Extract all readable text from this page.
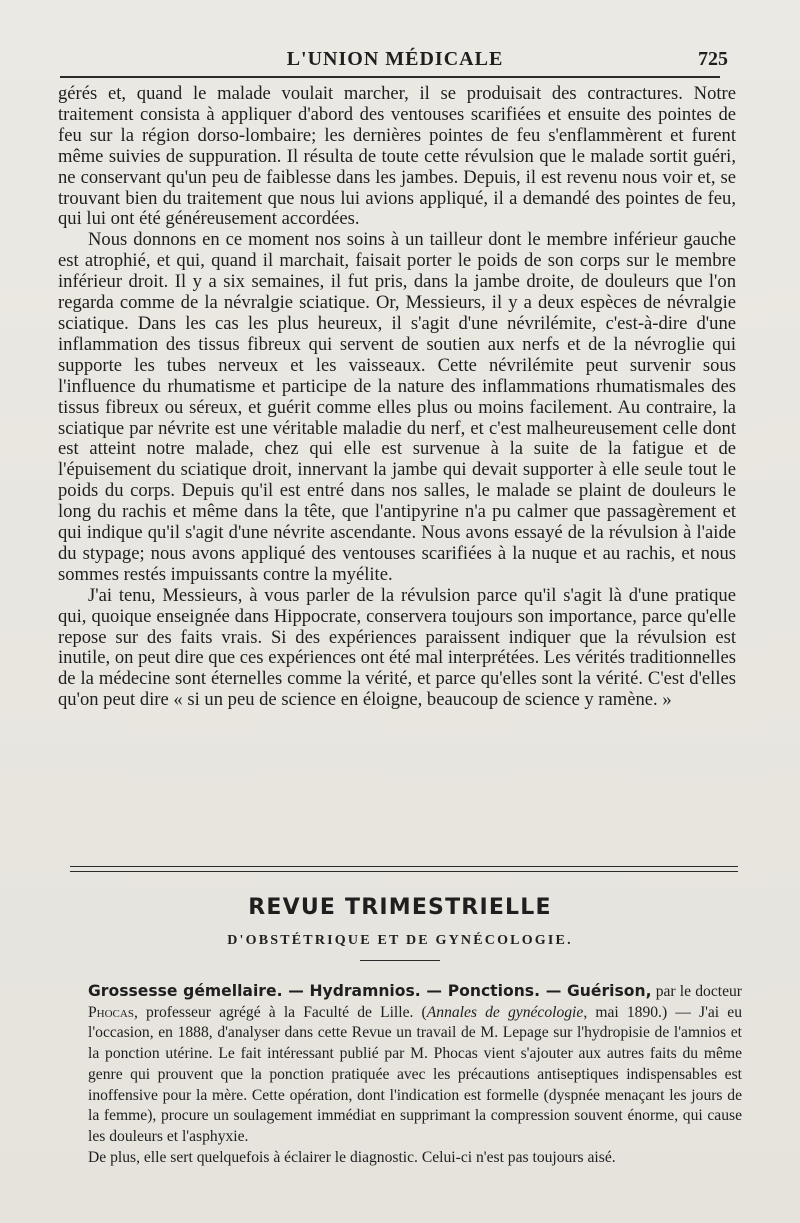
L'UNION MÉDICALE	725

gérés et, quand le malade voulait marcher, il se produisait des contractures. Notre traitement consista à appliquer d'abord des ventouses scarifiées et ensuite des pointes de feu sur la région dorso-lombaire; les dernières pointes de feu s'enflammèrent et furent même suivies de suppuration. Il résulta de toute cette révulsion que le malade sortit guéri, ne conservant qu'un peu de faiblesse dans les jambes. Depuis, il est revenu nous voir et, se trouvant bien du traitement que nous lui avions appliqué, il a demandé des pointes de feu, qui lui ont été généreusement accordées.

Nous donnons en ce moment nos soins à un tailleur dont le membre inférieur gauche est atrophié, et qui, quand il marchait, faisait porter le poids de son corps sur le membre inférieur droit. Il y a six semaines, il fut pris, dans la jambe droite, de douleurs que l'on regarda comme de la névralgie sciatique. Or, Messieurs, il y a deux espèces de névralgie sciatique. Dans les cas les plus heureux, il s'agit d'une névrilémite, c'est-à-dire d'une inflammation des tissus fibreux qui servent de soutien aux nerfs et de la névroglie qui supporte les tubes nerveux et les vaisseaux. Cette névrilémite peut survenir sous l'influence du rhumatisme et participe de la nature des inflammations rhumatismales des tissus fibreux ou séreux, et guérit comme elles plus ou moins facilement. Au contraire, la sciatique par névrite est une véritable maladie du nerf, et c'est malheureusement celle dont est atteint notre malade, chez qui elle est survenue à la suite de la fatigue et de l'épuisement du sciatique droit, innervant la jambe qui devait supporter à elle seule tout le poids du corps. Depuis qu'il est entré dans nos salles, le malade se plaint de douleurs le long du rachis et même dans la tête, que l'antipyrine n'a pu calmer que passagèrement et qui indique qu'il s'agit d'une névrite ascendante. Nous avons essayé de la révulsion à l'aide du stypage; nous avons appliqué des ventouses scarifiées à la nuque et au rachis, et nous sommes restés impuissants contre la myélite.

J'ai tenu, Messieurs, à vous parler de la révulsion parce qu'il s'agit là d'une pratique qui, quoique enseignée dans Hippocrate, conservera toujours son importance, parce qu'elle repose sur des faits vrais. Si des expériences paraissent indiquer que la révulsion est inutile, on peut dire que ces expériences ont été mal interprétées. Les vérités traditionnelles de la médecine sont éternelles comme la vérité, et parce qu'elles sont la vérité. C'est d'elles qu'on peut dire « si un peu de science en éloigne, beaucoup de science y ramène. »

REVUE TRIMESTRIELLE
D'OBSTÉTRIQUE ET DE GYNÉCOLOGIE.

Grossesse gémellaire. — Hydramnios. — Ponctions. — Guérison, par le docteur Phocas, professeur agrégé à la Faculté de Lille. (Annales de gynécologie, mai 1890.) — J'ai eu l'occasion, en 1888, d'analyser dans cette Revue un travail de M. Lepage sur l'hydropisie de l'amnios et la ponction utérine. Le fait intéressant publié par M. Phocas vient s'ajouter aux autres faits du même genre qui prouvent que la ponction pratiquée avec les précautions antiseptiques indispensables est inoffensive pour la mère. Cette opération, dont l'indication est formelle (dyspnée menaçant les jours de la femme), procure un soulagement immédiat en supprimant la compression souvent énorme, qui cause les douleurs et l'asphyxie.

De plus, elle sert quelquefois à éclairer le diagnostic. Celui-ci n'est pas toujours aisé.
